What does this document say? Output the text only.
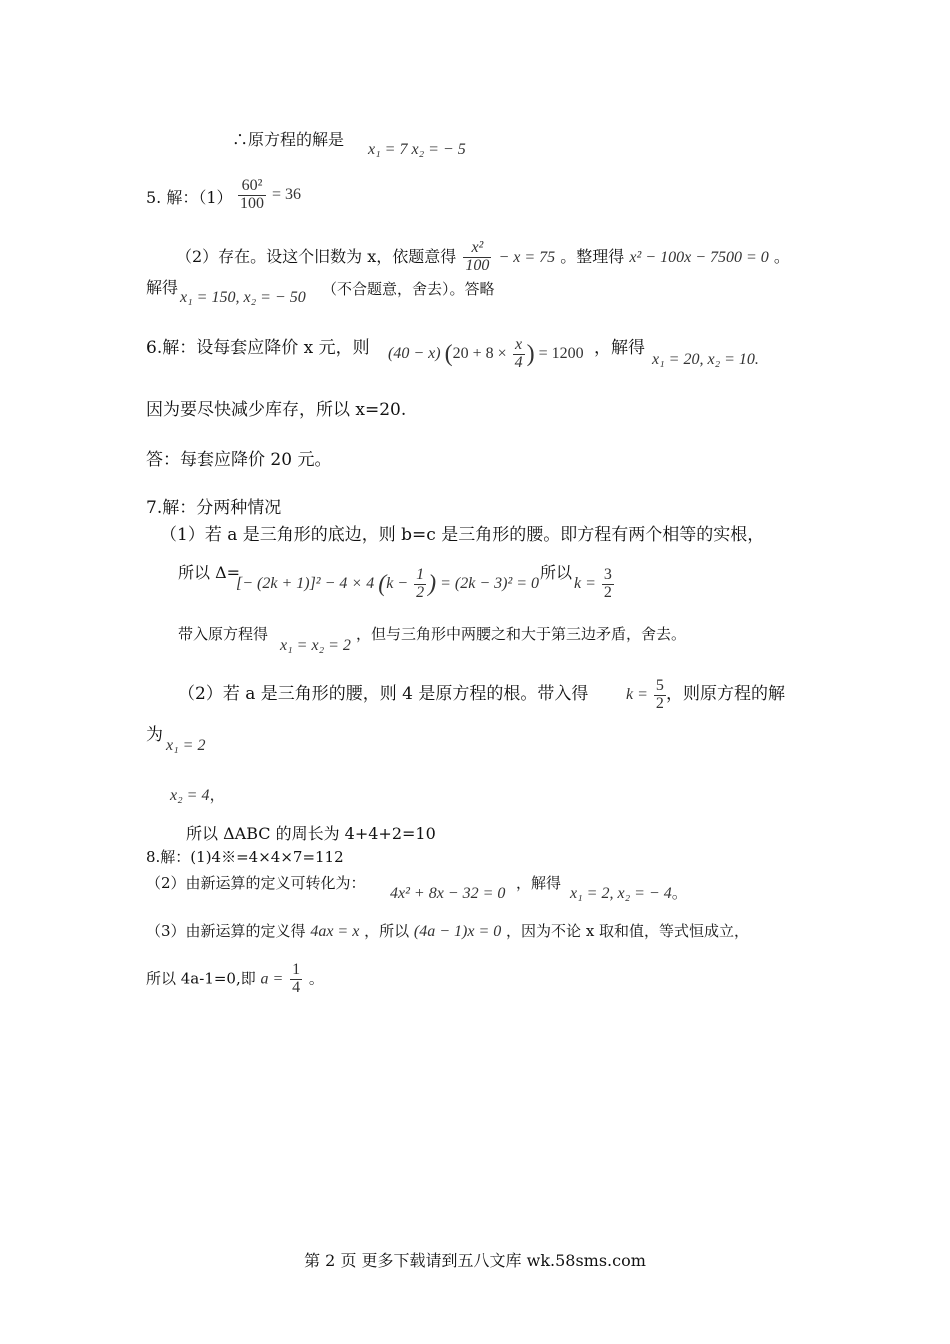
∴原方程的解是
x₁ = 7 x₂ = − 5
5. 解：$(1) \frac{\text{60²}}{100} = 36$
（2）存在。设这个旧数为 x，依题意得 $\frac{\text{x²}}{100} - x = 75$ 。整理得 x² − 100x − 7500 = 0 。
解得
x₁ = 150, x₂ = − 50 （不合题意，舍去）。答略
6.解：设每套应降价 x 元，则 (40 − x) ($20 + 8 \times \frac{x}{4}$ ) = 1200 ，解得
x₁ = 20, x₂ = 10.
因为要尽快减少库存，所以 x=20.
答：每套应降价 20 元。
7.解：分两种情况
（1）若 a 是三角形的底边，则 b=c 是三角形的腰。即方程有两个相等的实根，
所以 Δ=
[− (2k + 1)]² − 4 × 4 ($k - \frac{1}{2}$ ) = (2k − 3)² = 0
所以
$k = \frac{3}{2}$
带入原方程得
x₁ = x₂ = 2
，但与三角形中两腰之和大于第三边矛盾，舍去。
（2）若 a 是三角形的腰，则 4 是原方程的根。带入得 $k = \frac{5}{2}$ ，则原方程的解
为
x₁ = 2
x₂ = 4，
所以 ΔABC 的周长为 4+4+2=10
8.解：(1)4※=4×4×7=112
（2）由新运算的定义可转化为：
4x² + 8x − 32 = 0
，解得
x₁ = 2, x₂ = − 4。
（3）由新运算的定义得 4ax = x ，所以 (4a − 1)x = 0 ，因为不论 x 取和值，等式恒成立，
所以 4a-1=0,即 $a = \frac{1}{4}$ 。
第 2 页 更多下载请到五八文库 wk.58sms.com
